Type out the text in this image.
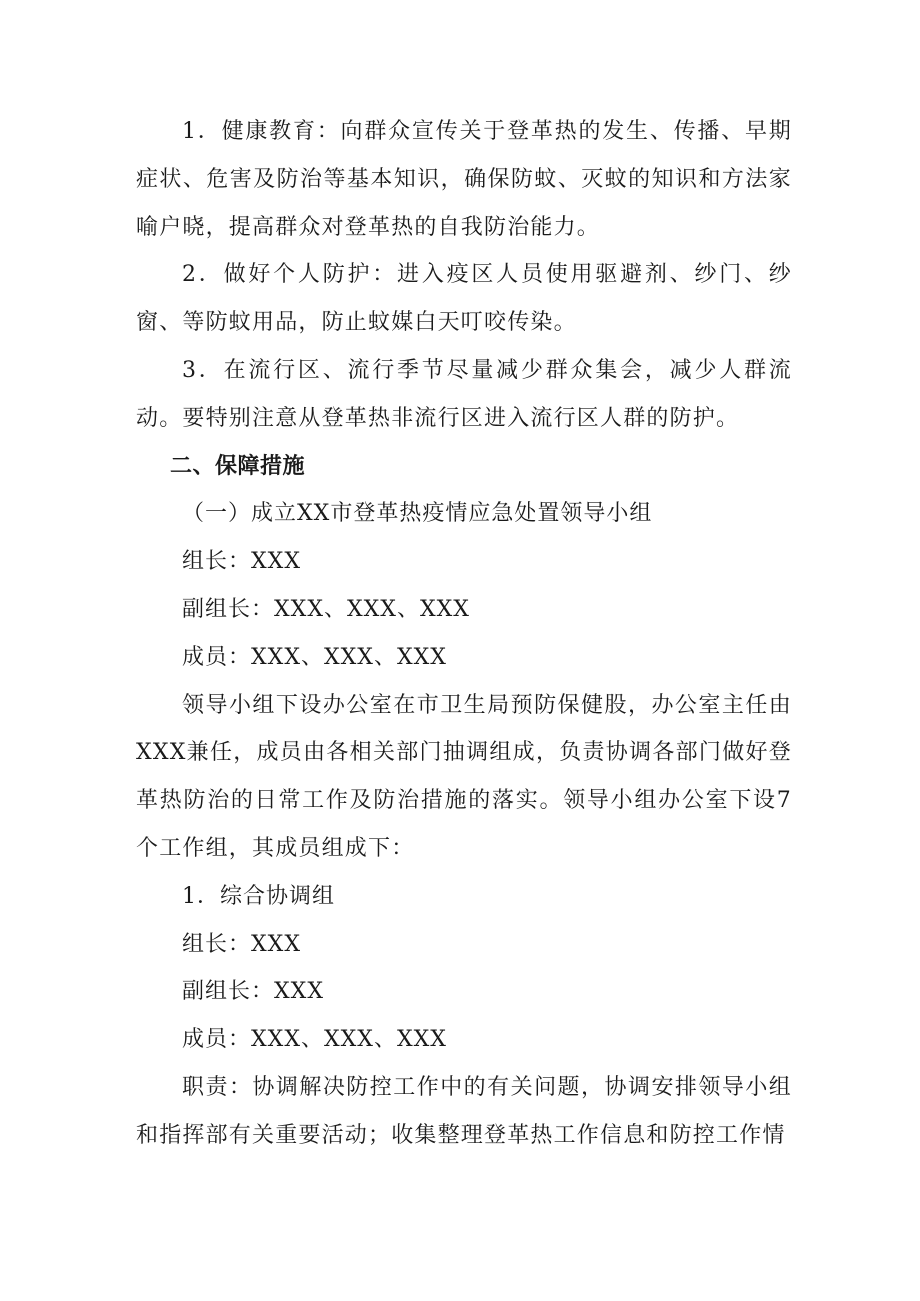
1．健康教育：向群众宣传关于登革热的发生、传播、早期症状、危害及防治等基本知识，确保防蚊、灭蚊的知识和方法家喻户晓，提高群众对登革热的自我防治能力。

2．做好个人防护：进入疫区人员使用驱避剂、纱门、纱窗、等防蚊用品，防止蚊媒白天叮咬传染。

3．在流行区、流行季节尽量减少群众集会，减少人群流动。要特别注意从登革热非流行区进入流行区人群的防护。

二、保障措施

（一）成立XX市登革热疫情应急处置领导小组

组长：XXX

副组长：XXX、XXX、XXX

成员：XXX、XXX、XXX

领导小组下设办公室在市卫生局预防保健股，办公室主任由XXX兼任，成员由各相关部门抽调组成，负责协调各部门做好登革热防治的日常工作及防治措施的落实。领导小组办公室下设7个工作组，其成员组成下：

1．综合协调组

组长：XXX

副组长：XXX

成员：XXX、XXX、XXX

职责：协调解决防控工作中的有关问题，协调安排领导小组和指挥部有关重要活动；收集整理登革热工作信息和防控工作情
